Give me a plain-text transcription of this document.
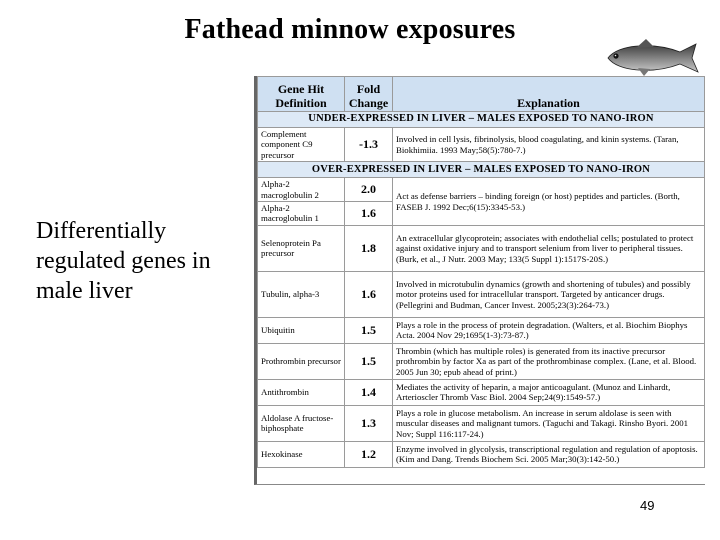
Fathead minnow exposures
Differentially regulated genes in male liver
Gene Hit Definition	Fold Change	Explanation
UNDER-EXPRESSED IN LIVER – MALES EXPOSED TO NANO-IRON		
Complement component C9 precursor	-1.3	Involved in cell lysis, fibrinolysis, blood coagulating, and kinin systems. (Taran, Biokhimiia. 1993 May;58(5):780-7.)
OVER-EXPRESSED IN LIVER – MALES EXPOSED TO NANO-IRON		
Alpha-2 macroglobulin 2	2.0	Act as defense barriers – binding foreign (or host) peptides and particles. (Borth, FASEB J. 1992 Dec;6(15):3345-53.)
Alpha-2 macroglobulin 1	1.6	
Selenoprotein Pa precursor	1.8	An extracellular glycoprotein; associates with endothelial cells; postulated to protect against oxidative injury and to transport selenium from liver to peripheral tissues. (Burk, et al., J Nutr. 2003 May; 133(5 Suppl 1):1517S-20S.)
Tubulin, alpha-3	1.6	Involved in microtubulin dynamics (growth and shortening of tubules) and possibly motor proteins used for intracellular transport. Targeted by anticancer drugs. (Pellegrini and Budman, Cancer Invest. 2005;23(3):264-73.)
Ubiquitin	1.5	Plays a role in the process of protein degradation. (Walters, et al. Biochim Biophys Acta. 2004 Nov 29;1695(1-3):73-87.)
Prothrombin precursor	1.5	Thrombin (which has multiple roles) is generated from its inactive precursor prothrombin by factor Xa as part of the prothrombinase complex. (Lane, et al. Blood. 2005 Jun 30; epub ahead of print.)
Antithrombin	1.4	Mediates the activity of heparin, a major anticoagulant. (Munoz and Linhardt, Arterioscler Thromb Vasc Biol. 2004 Sep;24(9):1549-57.)
Aldolase A fructose-biphosphate	1.3	Plays a role in glucose metabolism. An increase in serum aldolase is seen with muscular diseases and malignant tumors. (Taguchi and Takagi. Rinsho Byori. 2001 Nov; Suppl 116:117-24.)
Hexokinase	1.2	Enzyme involved in glycolysis, transcriptional regulation and regulation of apoptosis. (Kim and Dang. Trends Biochem Sci. 2005 Mar;30(3):142-50.)
49
